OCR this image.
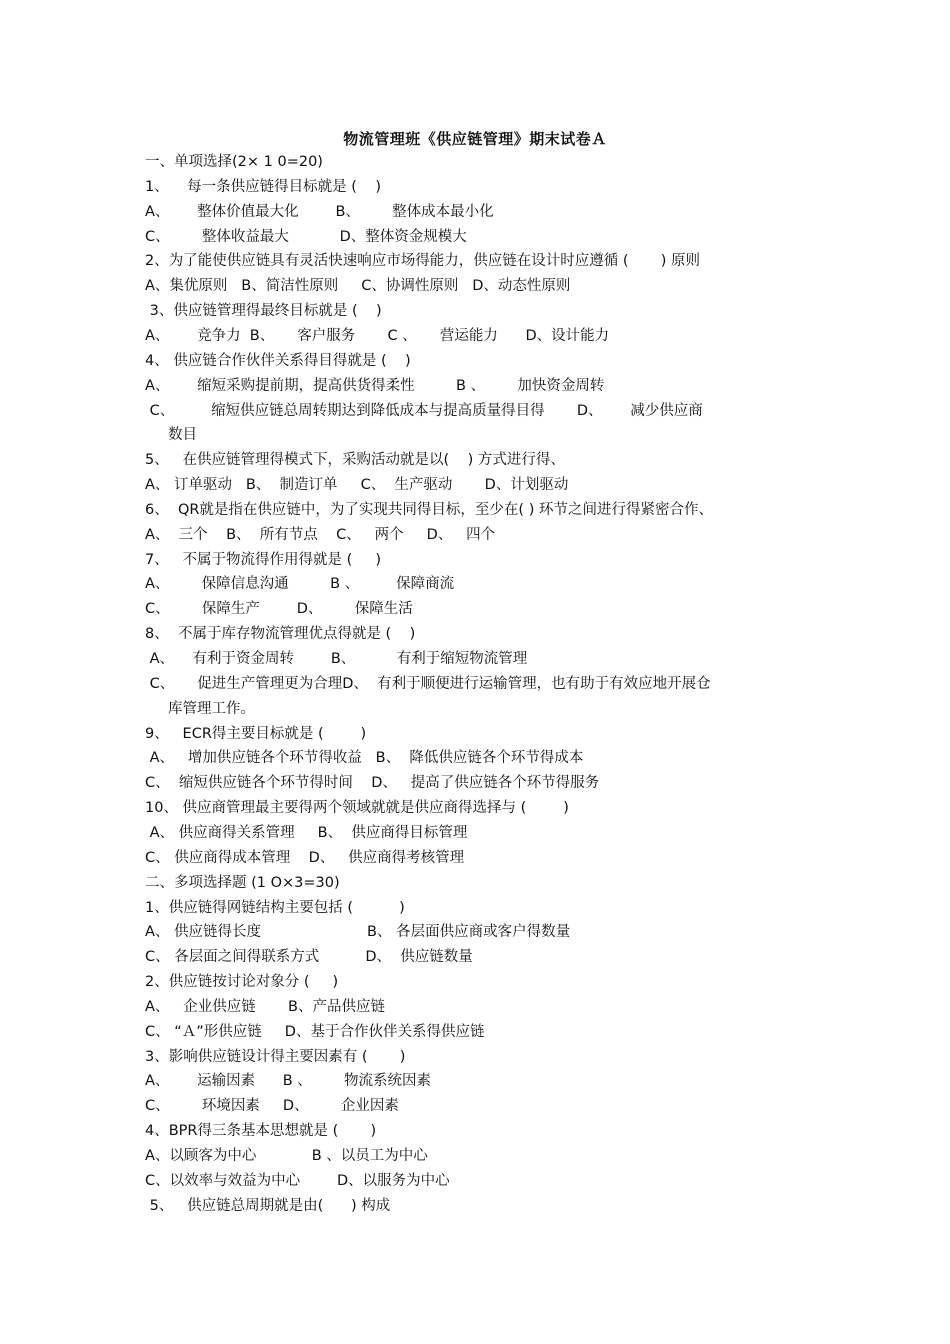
物流管理班《供应链管理》期末试卷Ａ
一、单项选择(2× 1 0=20)
1、    每一条供应链得目标就是 (    )
A、      整体价值最大化        B、       整体成本最小化
C、       整体收益最大           D、整体资金规模大
2、为了能使供应链具有灵活快速响应市场得能力，供应链在设计时应遵循 (       ) 原则
A、集优原则   B、简洁性原则     C、协调性原则   D、动态性原则
3、供应链管理得最终目标就是 (    )
A、      竞争力  B、     客户服务       C 、     营运能力      D、设计能力
4、 供应链合作伙伴关系得目得就是 (    )
A、      缩短采购提前期，提高供货得柔性         B 、       加快资金周转
C、        缩短供应链总周转期达到降低成本与提高质量得目得       D、      减少供应商
数目
5、   在供应链管理得模式下，采购活动就是以(    ) 方式进行得、
A、 订单驱动   B、  制造订单     C、  生产驱动       D、计划驱动
6、  QR就是指在供应链中，为了实现共同得目标，至少在( ) 环节之间进行得紧密合作、
A、  三个    B、  所有节点    C、   两个     D、   四个
7、   不属于物流得作用得就是 (     )
A、       保障信息沟通         B 、        保障商流
C、       保障生产        D、       保障生活
8、  不属于库存物流管理优点得就是 (    )
A、    有利于资金周转        B、         有利于缩短物流管理
C、     促进生产管理更为合理D、  有利于顺便进行运输管理，也有助于有效应地开展仓
库管理工作。
9、   ECR得主要目标就是 (        )
A、   增加供应链各个环节得收益   B、  降低供应链各个环节得成本
C、  缩短供应链各个环节得时间    D、   提高了供应链各个环节得服务
10、 供应商管理最主要得两个领域就就是供应商得选择与 (        )
A、 供应商得关系管理     B、  供应商得目标管理
C、 供应商得成本管理    D、   供应商得考核管理
二、多项选择题 (1 O×3=30)
1、供应链得网链结构主要包括 (          )
A、 供应链得长度                       B、 各层面供应商或客户得数量
C、 各层面之间得联系方式          D、  供应链数量
2、供应链按讨论对象分 (     )
A、   企业供应链       B、产品供应链
C、 “Ａ”形供应链     D、基于合作伙伴关系得供应链
3、影响供应链设计得主要因素有 (       )
A、      运输因素      B 、       物流系统因素
C、       环境因素     D、       企业因素
4、BPR得三条基本思想就是 (       )
A、以顾客为中心            B 、以员工为中心
C、以效率与效益为中心        D、以服务为中心
5、   供应链总周期就是由(      ) 构成
